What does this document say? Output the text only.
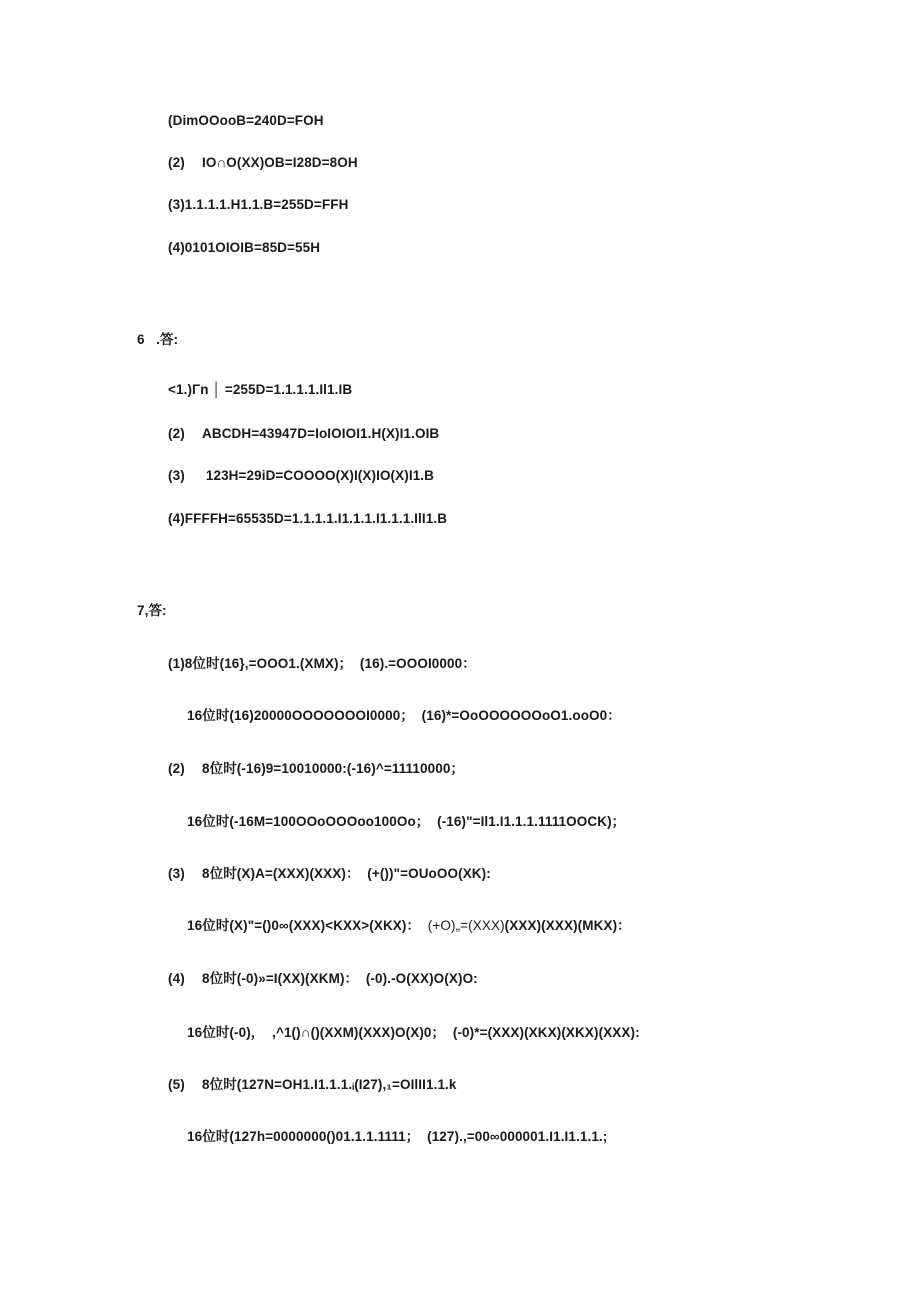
(DimOOooB=240D=FOH
(2) IO∩O(XX)OB=I28D=8OH
(3)1.1.1.1.H1.1.B=255D=FFH
(4)0101OIOIB=85D=55H
6   .答:
<1.)Γn │ =255D=1.1.1.1.Il1.IB
(2) ABCDH=43947D=IoIOIOI1.H(X)I1.OIB
(3) 123H=29iD=COOOO(X)I(X)IO(X)I1.B
(4)FFFFH=65535D=1.1.1.1.I1.1.1.I1.1.1.IlI1.B
7,答:
(1)8位时(16},=OOO1.(XMX)；  (16).=OOOI0000：
16位时(16)20000OOOOOOOI0000；  (16)*=OoOOOOOOoO1.ooO0：
(2) 8位时(-16)9=10010000:(-16)^=11110000；
16位时(-16M=100OOoOOOoo100Oo；  (-16)"=Il1.I1.1.1.1111OOCK)；
(3) 8位时(X)A=(XXX)(XXX)：  (+())"=OUoOO(XK):
16位时(X)"=()0∞(XXX)<KXX>(XKX)：  (+O)„=(XXX)(XXX)(XXX)(MKX)：
(4) 8位时(-0)»=I(XX)(XKM)：  (-0).-O(XX)O(X)O:
16位时(-0)，  ,^1()∩()(XXM)(XXX)O(X)0；  (-0)*=(XXX)(XKX)(XKX)(XXX):
(5) 8位时(127N=OH1.I1.1.1.ᵢ(I27),₁=OIlII1.1.k
16位时(127h=0000000()01.1.1.1111；  (127).,=00∞000001.I1.I1.1.1.;
